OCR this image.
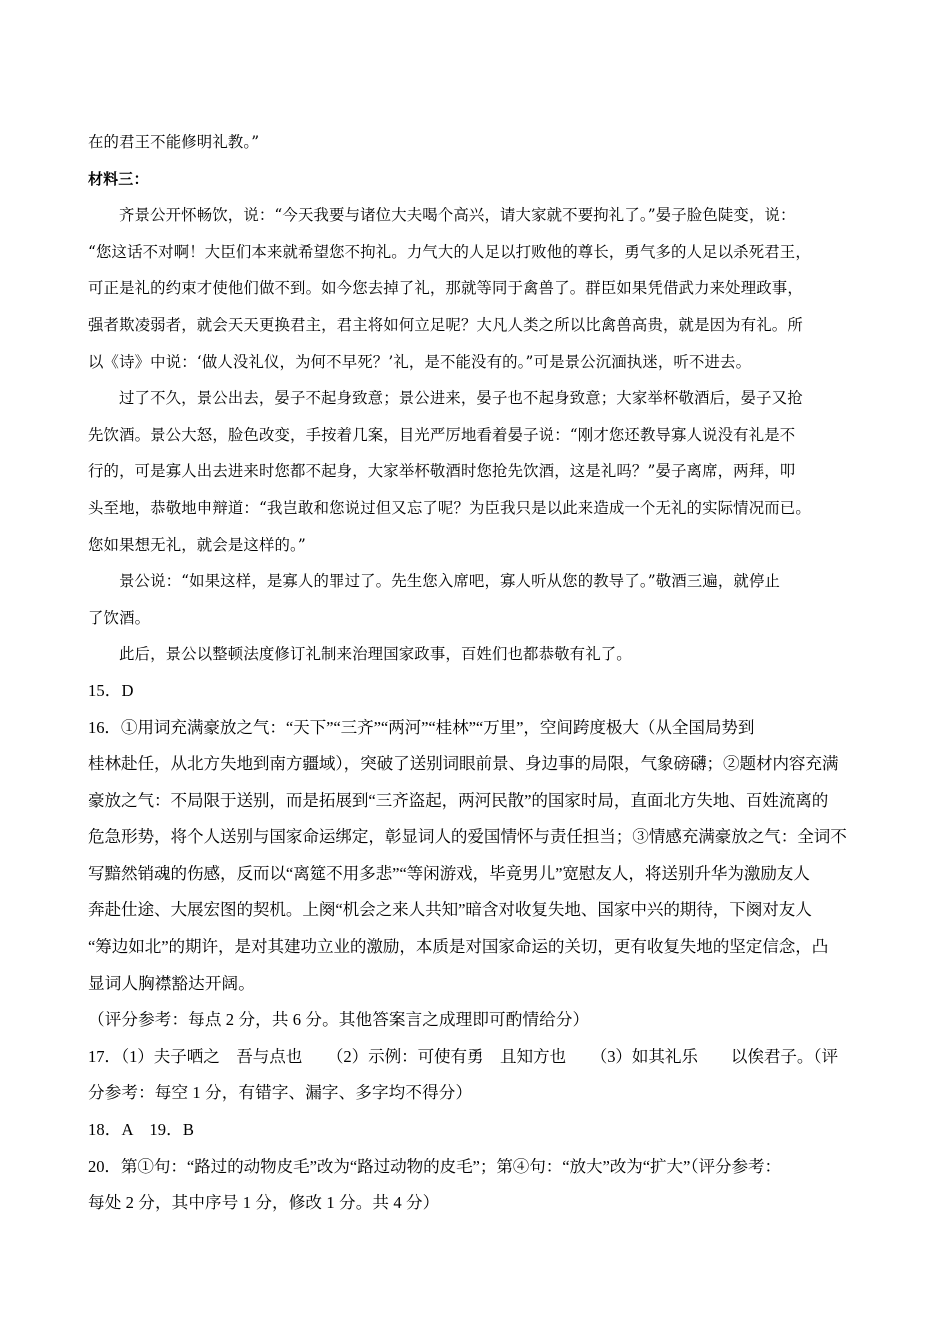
在的君王不能修明礼教。”
材料三：
齐景公开怀畅饮，说：“今天我要与诸位大夫喝个高兴，请大家就不要拘礼了。”晏子脸色陡变，说：
“您这话不对啊！大臣们本来就希望您不拘礼。力气大的人足以打败他的尊长，勇气多的人足以杀死君王，
可正是礼的约束才使他们做不到。如今您去掉了礼，那就等同于禽兽了。群臣如果凭借武力来处理政事，
强者欺凌弱者，就会天天更换君主，君主将如何立足呢？大凡人类之所以比禽兽高贵，就是因为有礼。所
以《诗》中说：‘做人没礼仪，为何不早死？’礼，是不能没有的。”可是景公沉湎执迷，听不进去。
过了不久，景公出去，晏子不起身致意；景公进来，晏子也不起身致意；大家举杯敬酒后，晏子又抢
先饮酒。景公大怒，脸色改变，手按着几案，目光严厉地看着晏子说：“刚才您还教导寡人说没有礼是不
行的，可是寡人出去进来时您都不起身，大家举杯敬酒时您抢先饮酒，这是礼吗？”晏子离席，两拜，叩
头至地，恭敬地申辩道：“我岂敢和您说过但又忘了呢？为臣我只是以此来造成一个无礼的实际情况而已。
您如果想无礼，就会是这样的。”
景公说：“如果这样，是寡人的罪过了。先生您入席吧，寡人听从您的教导了。”敬酒三遍，就停止
了饮酒。
此后，景公以整顿法度修订礼制来治理国家政事，百姓们也都恭敬有礼了。
15．D
16．①用词充满豪放之气：“天下”“三齐”“两河”“桂林”“万里”，空间跨度极大（从全国局势到
桂林赴任，从北方失地到南方疆域），突破了送别词眼前景、身边事的局限，气象磅礴；②题材内容充满
豪放之气：不局限于送别，而是拓展到“三齐盗起，两河民散”的国家时局，直面北方失地、百姓流离的
危急形势，将个人送别与国家命运绑定，彰显词人的爱国情怀与责任担当；③情感充满豪放之气：全词不
写黯然销魂的伤感，反而以“离筵不用多悲”“等闲游戏，毕竟男儿”宽慰友人，将送别升华为激励友人
奔赴仕途、大展宏图的契机。上阕“机会之来人共知”暗含对收复失地、国家中兴的期待，下阕对友人
“筹边如北”的期许，是对其建功立业的激励，本质是对国家命运的关切，更有收复失地的坚定信念，凸
显词人胸襟豁达开阔。
（评分参考：每点 2 分，共 6 分。其他答案言之成理即可酌情给分）
17．（1）夫子哂之　吾与点也　　（2）示例：可使有勇　且知方也　　（3）如其礼乐　　以俟君子。（评
分参考：每空 1 分，有错字、漏字、多字均不得分）
18．A　19．B
20．第①句：“路过的动物皮毛”改为“路过动物的皮毛”；第④句：“放大”改为“扩大”（评分参考：
每处 2 分，其中序号 1 分，修改 1 分。共 4 分）
